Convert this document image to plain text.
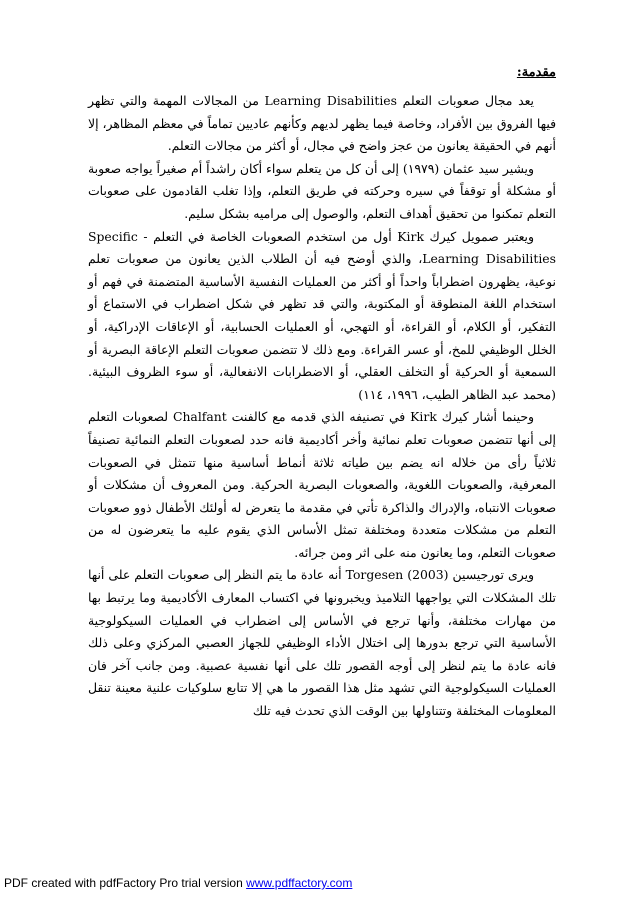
مقدمة:

يعد مجال صعوبات التعلم Learning Disabilities من المجالات المهمة والتي تظهر فيها الفروق بين الأفراد، وخاصة فيما يظهر لديهم وكأنهم عاديين تماماً في معظم المظاهر، إلا أنهم في الحقيقة يعانون من عجز واضح في مجال، أو أكثر من مجالات التعلم.

ويشير سيد عثمان (١٩٧٩) إلى أن كل من يتعلم سواء أكان راشداً أم صغيراً يواجه صعوبة أو مشكلة أو توقفاً في سيره وحركته في طريق التعلم، وإذا تغلب القادمون على صعوبات التعلم تمكنوا من تحقيق أهداف التعلم، والوصول إلى مراميه بشكل سليم.

ويعتبر صمويل كيرك Kirk أول من استخدم الصعوبات الخاصة في التعلم - Specific Learning Disabilities، والذي أوضح فيه أن الطلاب الذين يعانون من صعوبات تعلم نوعية، يظهرون اضطراباً واحداً أو أكثر من العمليات النفسية الأساسية المتضمنة في فهم أو استخدام اللغة المنطوقة أو المكتوبة، والتي قد تظهر في شكل اضطراب في الاستماع أو التفكير، أو الكلام، أو القراءة، أو التهجي، أو العمليات الحسابية، أو الإعاقات الإدراكية، أو الخلل الوظيفي للمخ، أو عسر القراءة. ومع ذلك لا تتضمن صعوبات التعلم الإعاقة البصرية أو السمعية أو الحركية أو التخلف العقلي، أو الاضطرابات الانفعالية، أو سوء الظروف البيئية. (محمد عبد الظاهر الطيب، ١٩٩٦، ١١٤)

وحينما أشار كيرك Kirk في تصنيفه الذي قدمه مع كالفنت Chalfant لصعوبات التعلم إلى أنها تتضمن صعوبات تعلم نمائية وأخر أكاديمية فانه حدد لصعوبات التعلم النمائية تصنيفاً ثلاثياً رأى من خلاله انه يضم بين طياته ثلاثة أنماط أساسية منها تتمثل في الصعوبات المعرفية، والصعوبات اللغوية، والصعوبات البصرية الحركية. ومن المعروف أن مشكلات أو صعوبات الانتباه، والإدراك والذاكرة تأتي في مقدمة ما يتعرض له أولئك الأطفال ذوو صعوبات التعلم من مشكلات متعددة ومختلفة تمثل الأساس الذي يقوم عليه ما يتعرضون له من صعوبات التعلم، وما يعانون منه على اثر ومن جرائه.

ويرى تورجيسين Torgesen (2003) أنه عادة ما يتم النظر إلى صعوبات التعلم على أنها تلك المشكلات التي يواجهها التلاميذ ويخبرونها في اكتساب المعارف الأكاديمية وما يرتبط بها من مهارات مختلفة، وأنها ترجع في الأساس إلى اضطراب في العمليات السيكولوجية الأساسية التي ترجع بدورها إلى اختلال الأداء الوظيفي للجهاز العصبي المركزي وعلى ذلك فانه عادة ما يتم لنظر إلى أوجه القصور تلك على أنها نفسية عصبية. ومن جانب آخر فان العمليات السيكولوجية التي تشهد مثل هذا القصور ما هي إلا تتابع سلوكيات علنية معينة تنقل المعلومات المختلفة وتتناولها بين الوقت الذي تحدث فيه تلك

PDF created with pdfFactory Pro trial version www.pdffactory.com
